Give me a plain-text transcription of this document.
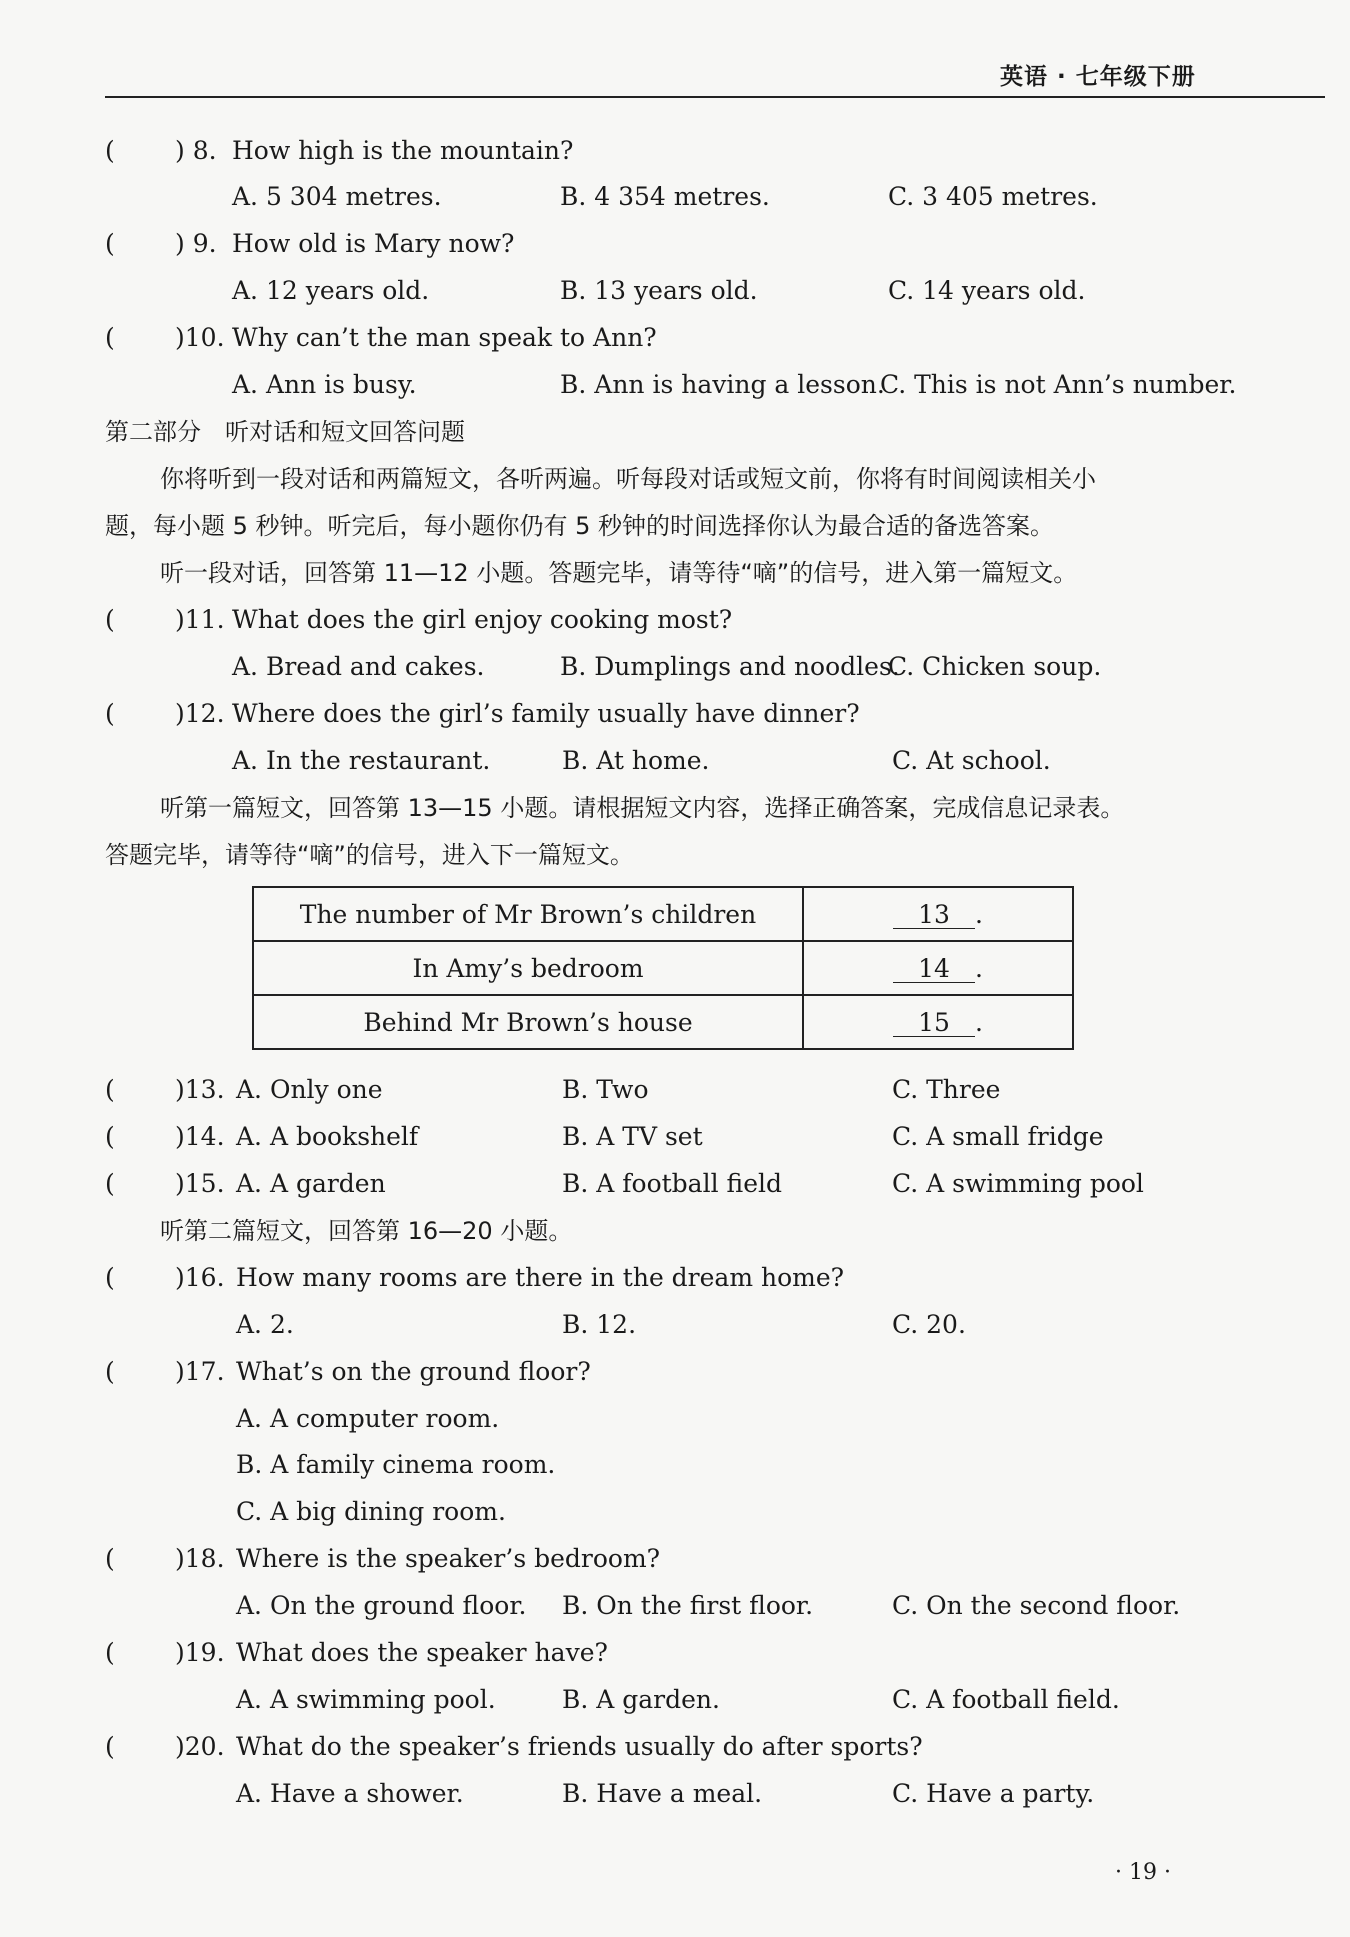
英语 · 七年级下册
( ) 8. How high is the mountain?
A. 5 304 metres.	B. 4 354 metres.	C. 3 405 metres.
( ) 9. How old is Mary now?
A. 12 years old.	B. 13 years old.	C. 14 years old.
( )10. Why can’t the man speak to Ann?
A. Ann is busy.	B. Ann is having a lesson.
C. This is not Ann’s number.
第二部分　听对话和短文回答问题
你将听到一段对话和两篇短文，各听两遍。听每段对话或短文前，你将有时间阅读相关小
题，每小题 5 秒钟。听完后，每小题你仍有 5 秒钟的时间选择你认为最合适的备选答案。
听一段对话，回答第 11—12 小题。答题完毕，请等待“嘀”的信号，进入第一篇短文。
( )11. What does the girl enjoy cooking most?
A. Bread and cakes.	B. Dumplings and noodles.
C. Chicken soup.
( )12. Where does the girl’s family usually have dinner?
A. In the restaurant.	B. At home.	C. At school.
听第一篇短文，回答第 13—15 小题。请根据短文内容，选择正确答案，完成信息记录表。
答题完毕，请等待“嘀”的信号，进入下一篇短文。
The number of Mr Brown’s children	13 .
In Amy’s bedroom	14 .
Behind Mr Brown’s house	15 .
( )13. A. Only one	B. Two	C. Three
( )14. A. A bookshelf	B. A TV set	C. A small fridge
( )15. A. A garden	B. A football field	C. A swimming pool
听第二篇短文，回答第 16—20 小题。
( )16. How many rooms are there in the dream home?
A. 2.	B. 12.	C. 20.
( )17. What’s on the ground floor?
A. A computer room.
B. A family cinema room.
C. A big dining room.
( )18. Where is the speaker’s bedroom?
A. On the ground floor. B. On the first floor.	C. On the second floor.
( )19. What does the speaker have?
A. A swimming pool.	B. A garden.	C. A football field.
( )20. What do the speaker’s friends usually do after sports?
A. Have a shower.	B. Have a meal.	C. Have a party.
· 19 ·
